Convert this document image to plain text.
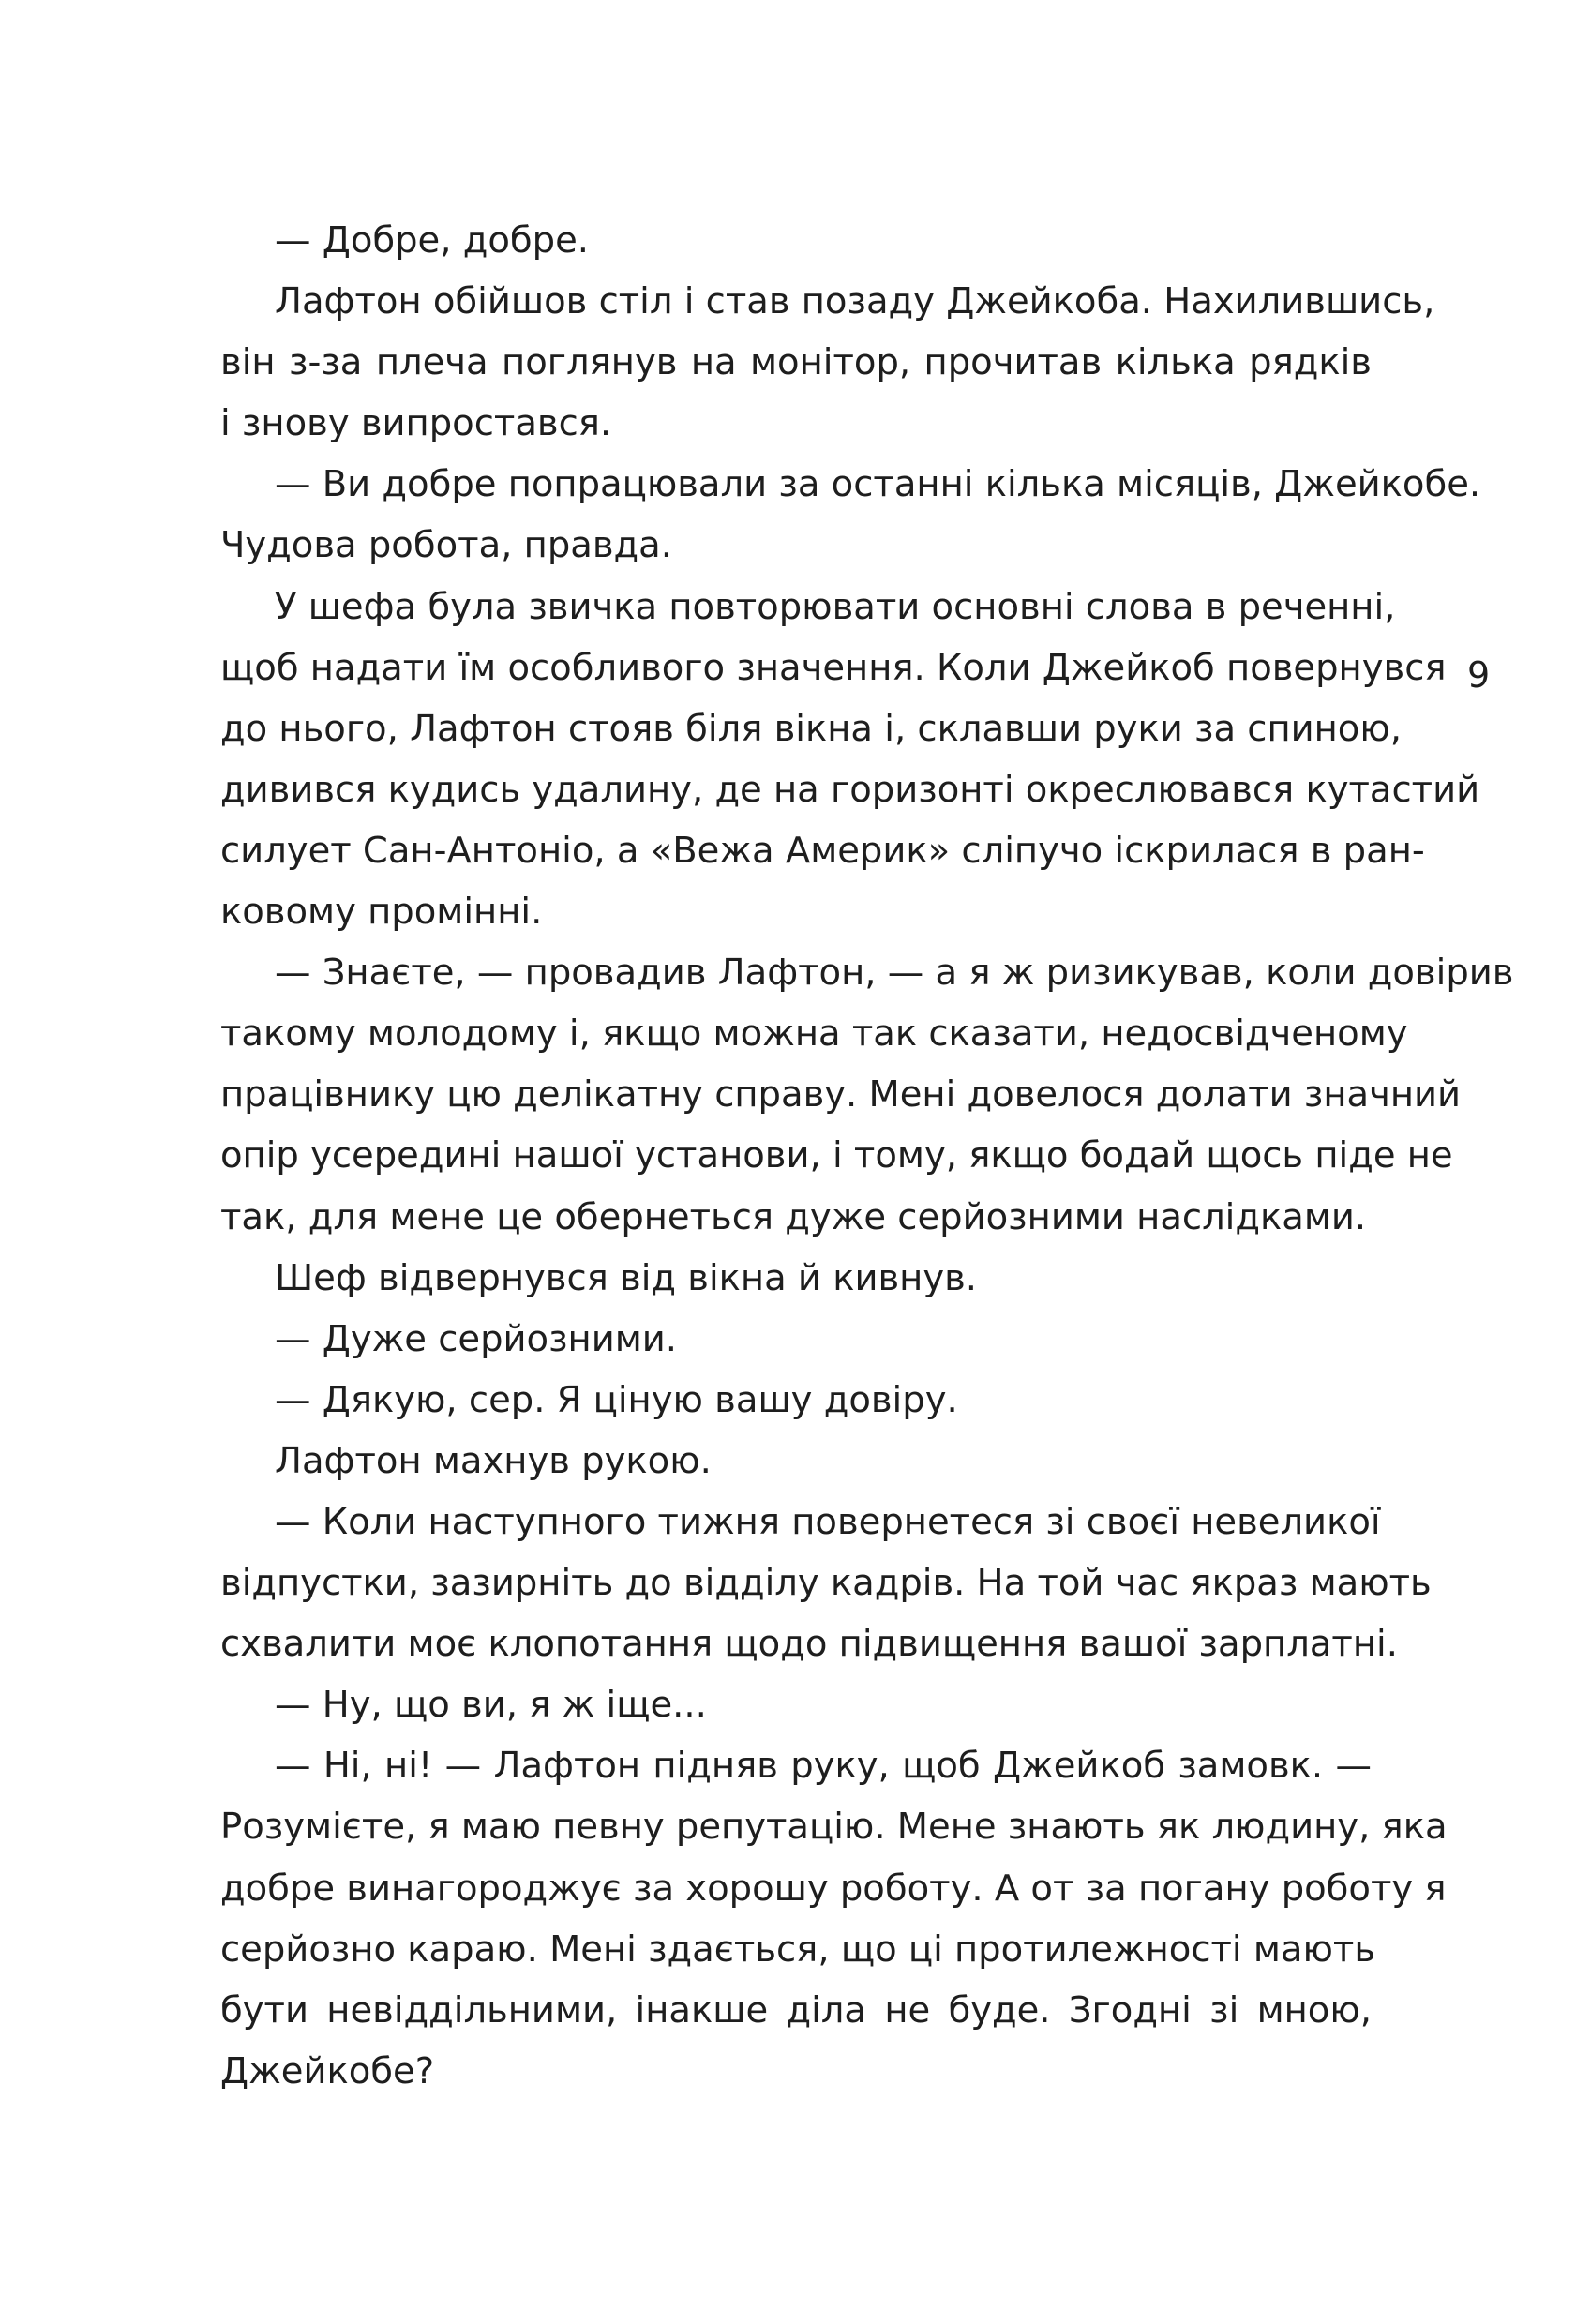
— Добре, добре.

Лафтон обійшов стіл і став позаду Джейкоба. Нахилившись,
він з-за плеча поглянув на монітор, прочитав кілька рядків
і знову випростався.

— Ви добре попрацювали за останні кілька місяців, Джейкобе.
Чудова робота, правда.

У шефа була звичка повторювати основні слова в реченні,
щоб надати їм особливого значення. Коли Джейкоб повернувся
до нього, Лафтон стояв біля вікна і, склавши руки за спиною,
дивився кудись удалину, де на горизонті окреслювався кутастий
силует Сан-Антоніо, а «Вежа Америк» сліпучо іскрилася в ран-
ковому промінні.

— Знаєте, — провадив Лафтон, — а я ж ризикував, коли довірив
такому молодому і, якщо можна так сказати, недосвідченому
працівнику цю делікатну справу. Мені довелося долати значний
опір усередині нашої установи, і тому, якщо бодай щось піде не
так, для мене це обернеться дуже серйозними наслідками.

Шеф відвернувся від вікна й кивнув.

— Дуже серйозними.

— Дякую, сер. Я ціную вашу довіру.

Лафтон махнув рукою.

— Коли наступного тижня повернетеся зі своєї невеликої
відпустки, зазирніть до відділу кадрів. На той час якраз мають
схвалити моє клопотання щодо підвищення вашої зарплатні.

— Ну, що ви, я ж іще...

— Ні, ні! — Лафтон підняв руку, щоб Джейкоб замовк. —
Розумієте, я маю певну репутацію. Мене знають як людину, яка
добре винагороджує за хорошу роботу. А от за погану роботу я
серйозно караю. Мені здається, що ці протилежності мають
бути невіддільними, інакше діла не буде. Згодні зі мною,
Джейкобе?

9
